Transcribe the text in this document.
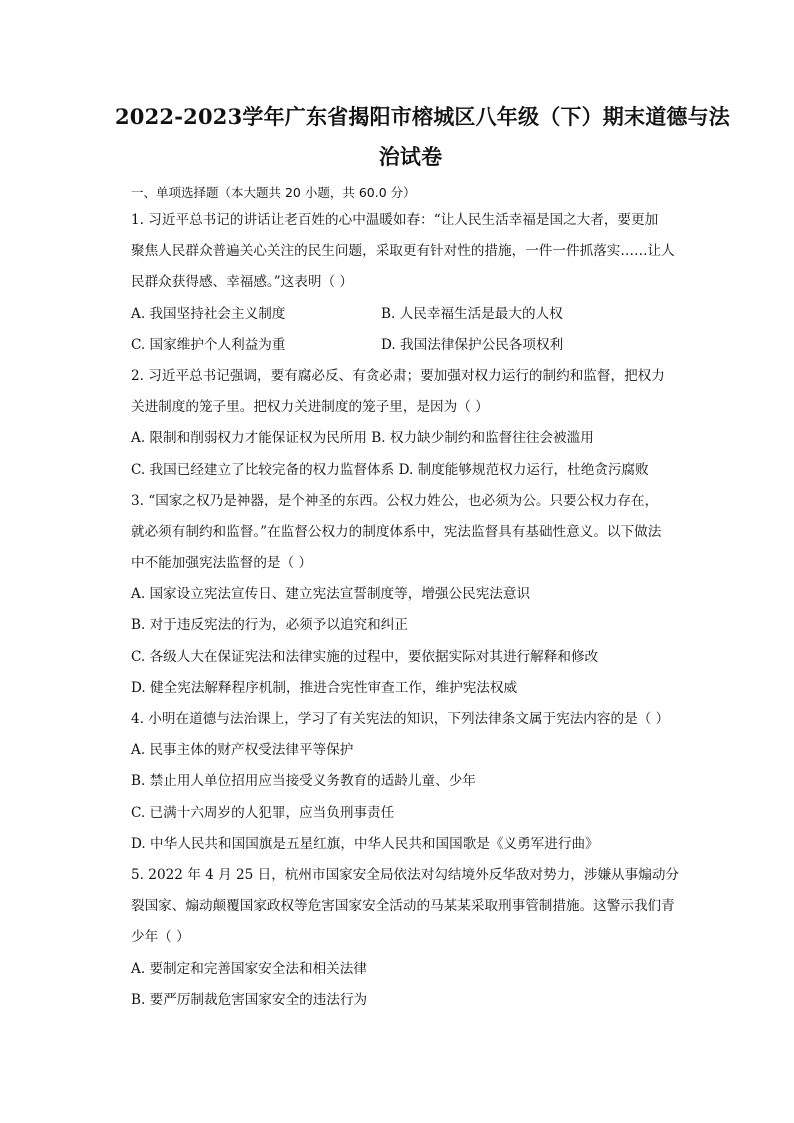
2022-2023学年广东省揭阳市榕城区八年级（下）期末道德与法
治试卷
一、单项选择题（本大题共 20 小题，共 60.0 分）
1. 习近平总书记的讲话让老百姓的心中温暖如春：“让人民生活幸福是国之大者，要更加
聚焦人民群众普遍关心关注的民生问题，采取更有针对性的措施，一件一件抓落实……让人
民群众获得感、幸福感。”这表明（ ）
A. 我国坚持社会主义制度	B. 人民幸福生活是最大的人权
C. 国家维护个人利益为重	D. 我国法律保护公民各项权利
2. 习近平总书记强调，要有腐必反、有贪必肃；要加强对权力运行的制约和监督，把权力
关进制度的笼子里。把权力关进制度的笼子里，是因为（ ）
A. 限制和削弱权力才能保证权为民所用 B. 权力缺少制约和监督往往会被滥用
C. 我国已经建立了比较完备的权力监督体系 D. 制度能够规范权力运行，杜绝贪污腐败
3. “国家之权乃是神器，是个神圣的东西。公权力姓公，也必须为公。只要公权力存在，
就必须有制约和监督。”在监督公权力的制度体系中，宪法监督具有基础性意义。以下做法
中不能加强宪法监督的是（ ）
A. 国家设立宪法宣传日、建立宪法宣誓制度等，增强公民宪法意识
B. 对于违反宪法的行为，必须予以追究和纠正
C. 各级人大在保证宪法和法律实施的过程中，要依据实际对其进行解释和修改
D. 健全宪法解释程序机制，推进合宪性审查工作，维护宪法权威
4. 小明在道德与法治课上，学习了有关宪法的知识，下列法律条文属于宪法内容的是（ ）
A. 民事主体的财产权受法律平等保护
B. 禁止用人单位招用应当接受义务教育的适龄儿童、少年
C. 已满十六周岁的人犯罪，应当负刑事责任
D. 中华人民共和国国旗是五星红旗，中华人民共和国国歌是《义勇军进行曲》
5. 2022 年 4 月 25 日，杭州市国家安全局依法对勾结境外反华敌对势力，涉嫌从事煽动分
裂国家、煽动颠覆国家政权等危害国家安全活动的马某某采取刑事管制措施。这警示我们青
少年（ ）
A. 要制定和完善国家安全法和相关法律
B. 要严厉制裁危害国家安全的违法行为
